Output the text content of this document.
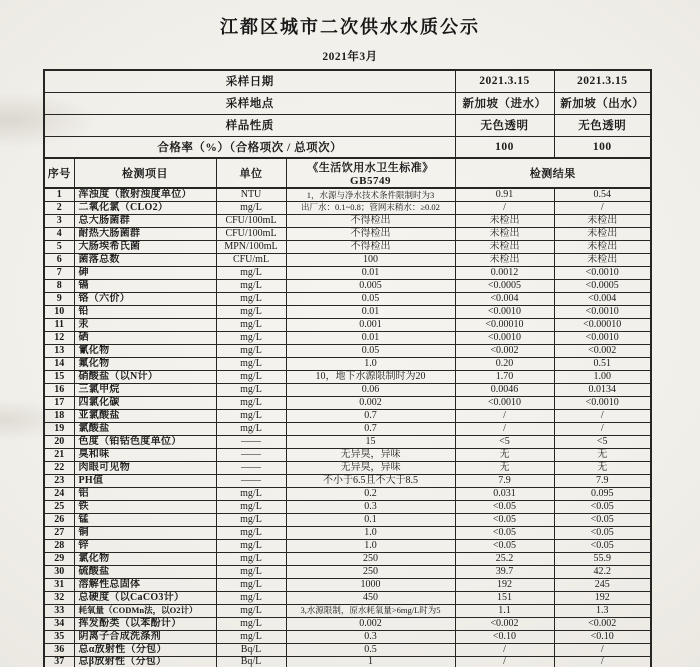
江都区城市二次供水水质公示
2021年3月
采样日期	2021.3.15	2021.3.15
采样地点	新加坡（进水）	新加坡（出水）
样品性质	无色透明	无色透明
合格率（%）（合格项次 / 总项次）	100	100
序号	检测项目	单位	《生活饮用水卫生标准》 GB5749	检测结果	
1	浑浊度（散射浊度单位）	NTU	1，水源与净水技术条件限制时为3	0.91	0.54
2	二氧化氯（CLO2）	mg/L	出厂水：0.1~0.8；管网末稍水：≥0.02	/	/
3	总大肠菌群	CFU/100mL	不得检出	未检出	未检出
4	耐热大肠菌群	CFU/100mL	不得检出	未检出	未检出
5	大肠埃希氏菌	MPN/100mL	不得检出	未检出	未检出
6	菌落总数	CFU/mL	100	未检出	未检出
7	砷	mg/L	0.01	0.0012	<0.0010
8	镉	mg/L	0.005	<0.0005	<0.0005
9	铬（六价）	mg/L	0.05	<0.004	<0.004
10	铅	mg/L	0.01	<0.0010	<0.0010
11	汞	mg/L	0.001	<0.00010	<0.00010
12	硒	mg/L	0.01	<0.0010	<0.0010
13	氰化物	mg/L	0.05	<0.002	<0.002
14	氟化物	mg/L	1.0	0.20	0.51
15	硝酸盐（以N计）	mg/L	10，地下水源限制时为20	1.70	1.00
16	三氯甲烷	mg/L	0.06	0.0046	0.0134
17	四氯化碳	mg/L	0.002	<0.0010	<0.0010
18	亚氯酸盐	mg/L	0.7	/	/
19	氯酸盐	mg/L	0.7	/	/
20	色度（铂钴色度单位）	——	15	<5	<5
21	臭和味	——	无异臭，异味	无	无
22	肉眼可见物	——	无异臭，异味	无	无
23	PH值	——	不小于6.5且不大于8.5	7.9	7.9
24	铝	mg/L	0.2	0.031	0.095
25	铁	mg/L	0.3	<0.05	<0.05
26	锰	mg/L	0.1	<0.05	<0.05
27	铜	mg/L	1.0	<0.05	<0.05
28	锌	mg/L	1.0	<0.05	<0.05
29	氯化物	mg/L	250	25.2	55.9
30	硫酸盐	mg/L	250	39.7	42.2
31	溶解性总固体	mg/L	1000	192	245
32	总硬度（以CaCO3计）	mg/L	450	151	192
33	耗氧量（CODMn法，以O2计）	mg/L	3,水源限制，原水耗氧量>6mg/L时为5	1.1	1.3
34	挥发酚类（以苯酚计）	mg/L	0.002	<0.002	<0.002
35	阴离子合成洗涤剂	mg/L	0.3	<0.10	<0.10
36	总α放射性（分包）	Bq/L	0.5	/	/
37	总β放射性（分包）	Bq/L	1	/	/
